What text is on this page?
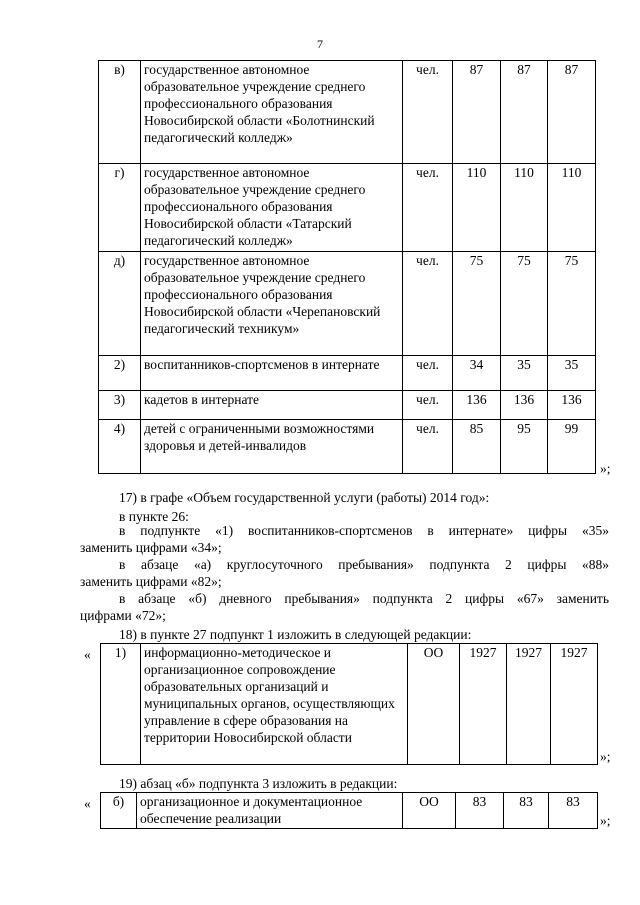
7
в)	государственное автономное образовательное учреждение среднего профессионального образования Новосибирской области «Болотнинский педагогический колледж»	чел.	87	87	87
г)	государственное автономное образовательное учреждение среднего профессионального образования Новосибирской области «Татарский педагогический колледж»	чел.	110	110	110
д)	государственное автономное образовательное учреждение среднего профессионального образования Новосибирской области «Черепановский педагогический техникум»	чел.	75	75	75
2)	воспитанников-спортсменов в интернате	чел.	34	35	35
3)	кадетов в интернате	чел.	136	136	136
4)	детей с ограниченными возможностями здоровья и детей-инвалидов	чел.	85	95	99
»;
17) в графе «Объем государственной услуги (работы) 2014 год»:
в пункте 26:
в подпункте «1) воспитанников-спортсменов в интернате» цифры «35»
заменить цифрами «34»;
в абзаце «а) круглосуточного пребывания» подпункта 2 цифры «88»
заменить цифрами «82»;
в абзаце «б) дневного пребывания» подпункта 2 цифры «67» заменить
цифрами «72»;
18) в пункте 27 подпункт 1 изложить в следующей редакции:
« 1)	информационно-методическое и организационное сопровождение образовательных организаций и муниципальных органов, осуществляющих управление в сфере образования на территории Новосибирской области	ОО	1927	1927	1927
»;
19) абзац «б» подпункта 3 изложить в редакции:
« б)	организационное и документационное обеспечение реализации	ОО	83	83	83
»;
